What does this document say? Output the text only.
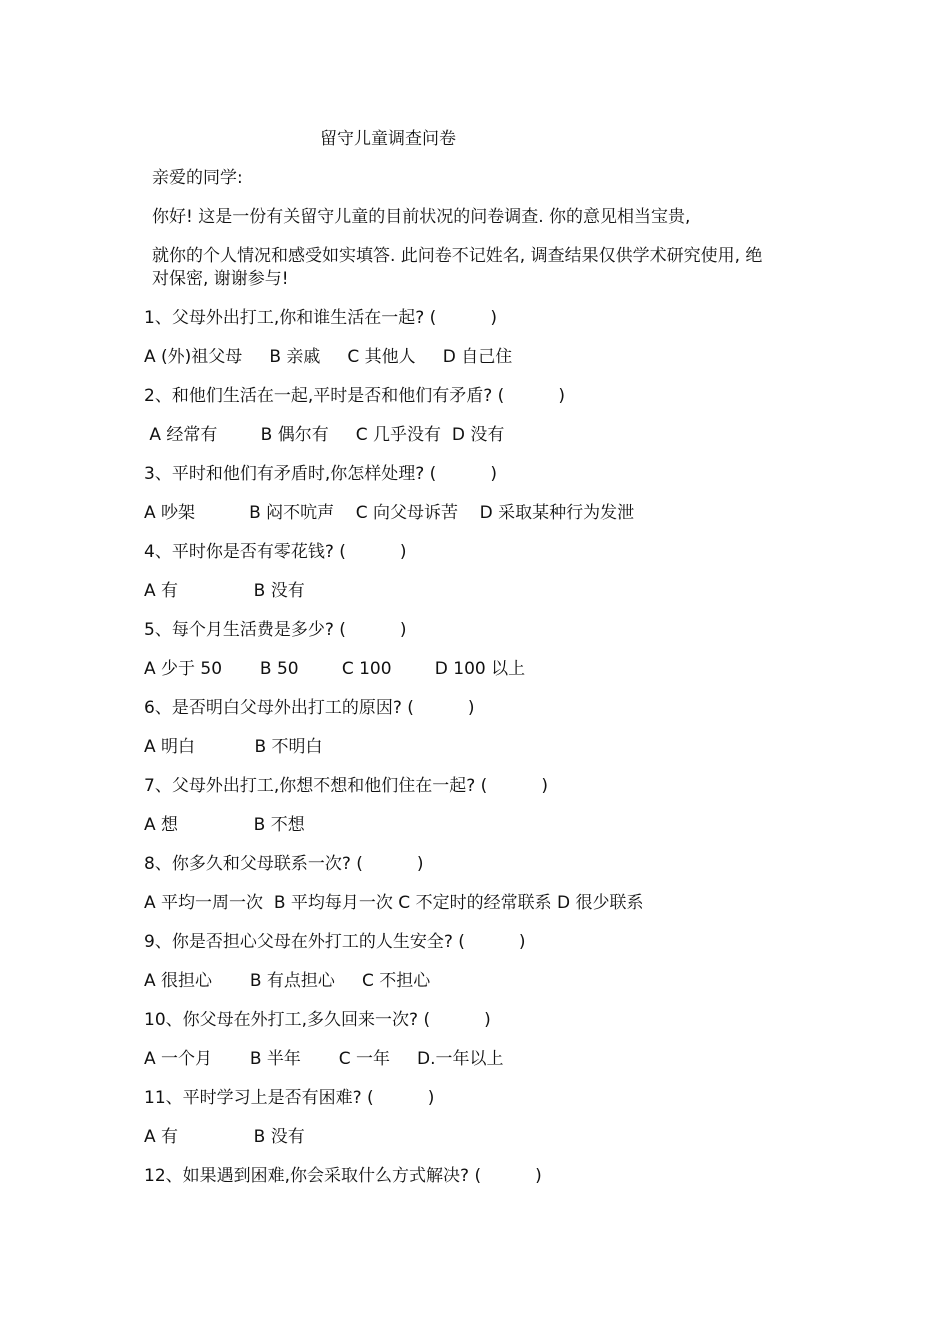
留守儿童调查问卷
亲爱的同学:
你好! 这是一份有关留守儿童的目前状况的问卷调查. 你的意见相当宝贵,
就你的个人情况和感受如实填答. 此问卷不记姓名, 调查结果仅供学术研究使用, 绝
对保密, 谢谢参与!
1、父母外出打工,你和谁生活在一起? (          )
A (外)祖父母     B 亲戚     C 其他人     D 自己住
2、和他们生活在一起,平时是否和他们有矛盾? (          )
A 经常有        B 偶尔有     C 几乎没有  D 没有
3、平时和他们有矛盾时,你怎样处理? (          )
A 吵架          B 闷不吭声    C 向父母诉苦    D 采取某种行为发泄
4、平时你是否有零花钱? (          )
A 有              B 没有
5、每个月生活费是多少? (          )
A 少于 50       B 50        C 100        D 100 以上
6、是否明白父母外出打工的原因? (          )
A 明白           B 不明白
7、父母外出打工,你想不想和他们住在一起? (          )
A 想              B 不想
8、你多久和父母联系一次? (          )
A 平均一周一次  B 平均每月一次 C 不定时的经常联系 D 很少联系
9、你是否担心父母在外打工的人生安全? (          )
A 很担心       B 有点担心     C 不担心
10、你父母在外打工,多久回来一次? (          )
A 一个月       B 半年       C 一年     D.一年以上
11、平时学习上是否有困难? (          )
A 有              B 没有
12、如果遇到困难,你会采取什么方式解决? (          )
